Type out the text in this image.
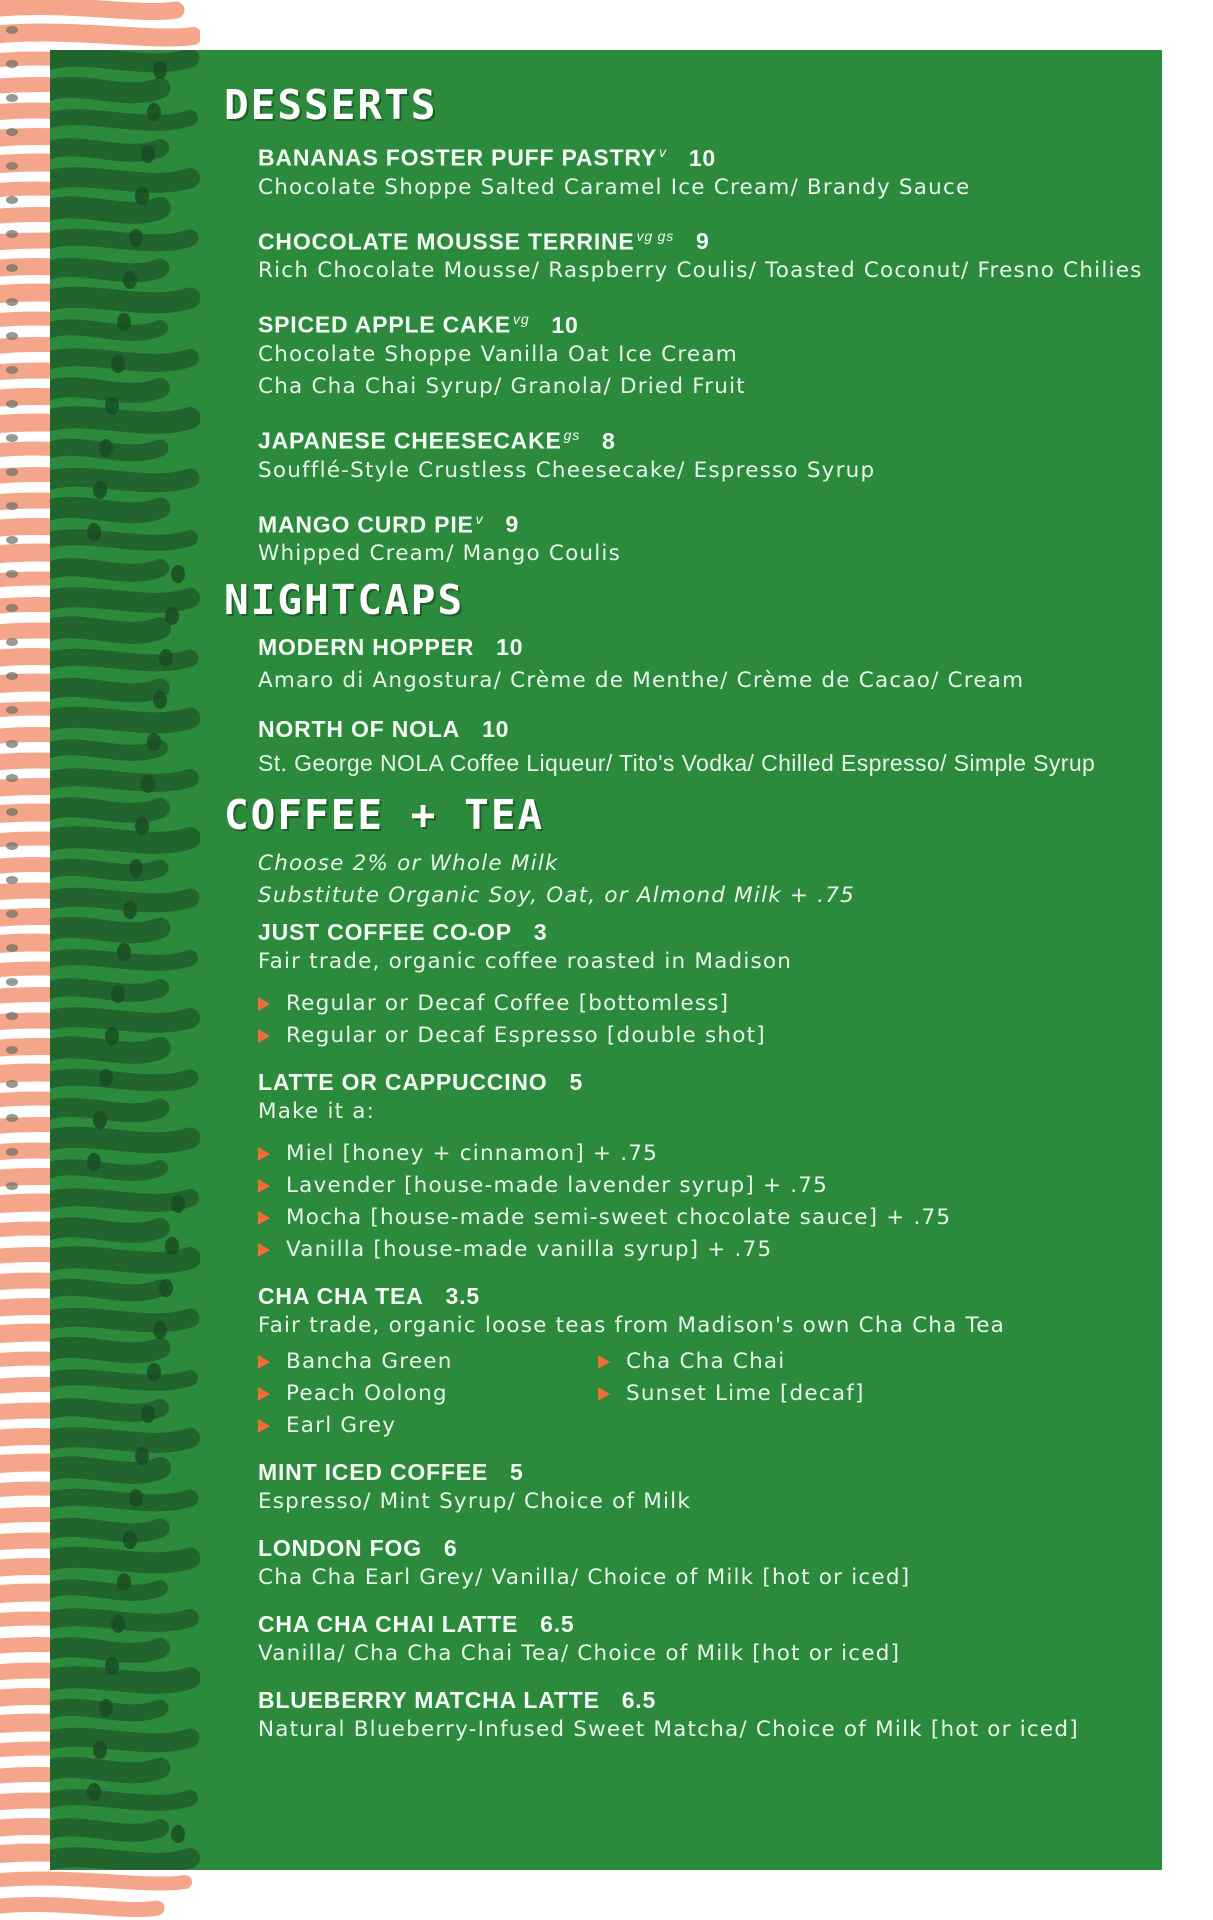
DESSERTS
BANANAS FOSTER PUFF PASTRY $^v$ 10
Chocolate Shoppe Salted Caramel Ice Cream/ Brandy Sauce
CHOCOLATE MOUSSE TERRINE $^{vg gs}$ 9
Rich Chocolate Mousse/ Raspberry Coulis/ Toasted Coconut/ Fresno Chilies
SPICED APPLE CAKE $^{vg}$ 10
Chocolate Shoppe Vanilla Oat Ice Cream
Cha Cha Chai Syrup/ Granola/ Dried Fruit
JAPANESE CHEESECAKE $^{gs}$ 8
Soufflé-Style Crustless Cheesecake/ Espresso Syrup
MANGO CURD PIE $^v$ 9
Whipped Cream/ Mango Coulis
NIGHTCAPS
MODERN HOPPER 10
Amaro di Angostura/ Crème de Menthe/ Crème de Cacao/ Cream
NORTH OF NOLA 10
St. George NOLA Coffee Liqueur/ Tito's Vodka/ Chilled Espresso/ Simple Syrup
COFFEE + TEA
Choose 2% or Whole Milk
Substitute Organic Soy, Oat, or Almond Milk + .75
JUST COFFEE CO-OP 3
Fair trade, organic coffee roasted in Madison
Regular or Decaf Coffee [bottomless]
Regular or Decaf Espresso [double shot]
LATTE OR CAPPUCCINO 5
Make it a:
Miel [honey + cinnamon] + .75
Lavender [house-made lavender syrup] + .75
Mocha [house-made semi-sweet chocolate sauce] + .75
Vanilla [house-made vanilla syrup] + .75
CHA CHA TEA 3.5
Fair trade, organic loose teas from Madison's own Cha Cha Tea
Bancha Green	Cha Cha Chai
Peach Oolong	Sunset Lime [decaf]
Earl Grey
MINT ICED COFFEE 5
Espresso/ Mint Syrup/ Choice of Milk
LONDON FOG 6
Cha Cha Earl Grey/ Vanilla/ Choice of Milk [hot or iced]
CHA CHA CHAI LATTE 6.5
Vanilla/ Cha Cha Chai Tea/ Choice of Milk [hot or iced]
BLUEBERRY MATCHA LATTE 6.5
Natural Blueberry-Infused Sweet Matcha/ Choice of Milk [hot or iced]
